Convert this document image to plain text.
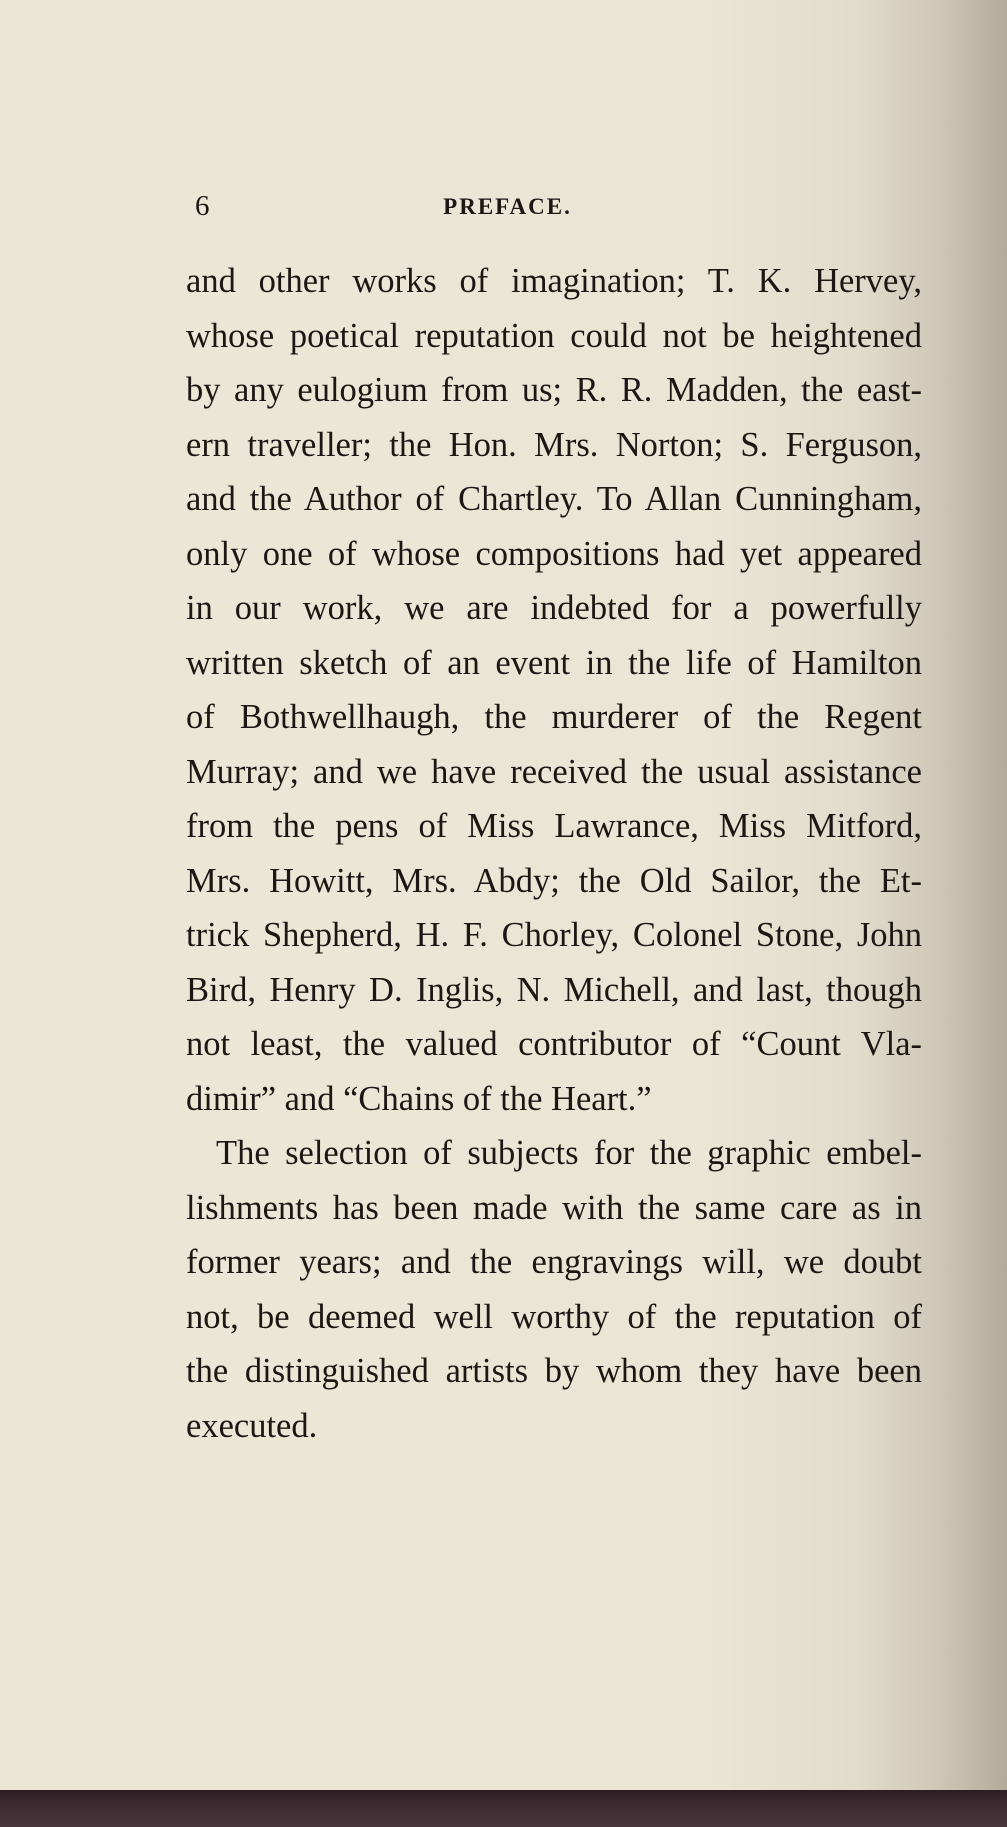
6	PREFACE.
and other works of imagination; T. K. Hervey,
whose poetical reputation could not be heightened
by any eulogium from us; R. R. Madden, the east-
ern traveller; the Hon. Mrs. Norton; S. Ferguson,
and the Author of Chartley. To Allan Cunningham,
only one of whose compositions had yet appeared
in our work, we are indebted for a powerfully
written sketch of an event in the life of Hamilton
of Bothwellhaugh, the murderer of the Regent
Murray; and we have received the usual assistance
from the pens of Miss Lawrance, Miss Mitford,
Mrs. Howitt, Mrs. Abdy; the Old Sailor, the Et-
trick Shepherd, H. F. Chorley, Colonel Stone, John
Bird, Henry D. Inglis, N. Michell, and last, though
not least, the valued contributor of “Count Vla-
dimir” and “Chains of the Heart.”
The selection of subjects for the graphic embel-
lishments has been made with the same care as in
former years; and the engravings will, we doubt
not, be deemed well worthy of the reputation of
the distinguished artists by whom they have been
executed.
